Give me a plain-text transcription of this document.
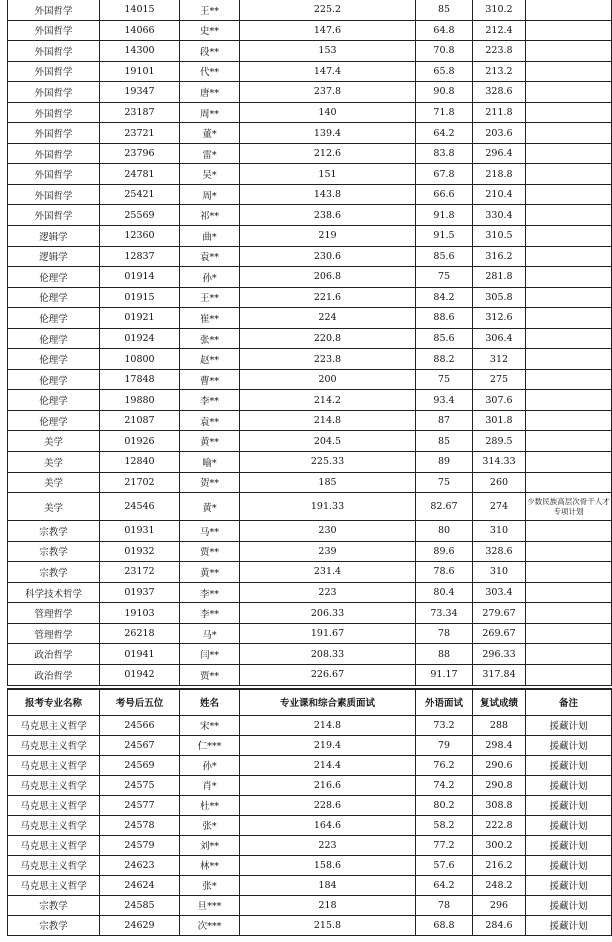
外国哲学	14015	王**	225.2	85	310.2	
外国哲学	14066	史**	147.6	64.8	212.4	
外国哲学	14300	段**	153	70.8	223.8	
外国哲学	19101	代**	147.4	65.8	213.2	
外国哲学	19347	唐**	237.8	90.8	328.6	
外国哲学	23187	周**	140	71.8	211.8	
外国哲学	23721	董*	139.4	64.2	203.6	
外国哲学	23796	雷*	212.6	83.8	296.4	
外国哲学	24781	吴*	151	67.8	218.8	
外国哲学	25421	周*	143.8	66.6	210.4	
外国哲学	25569	祁**	238.6	91.8	330.4	
逻辑学	12360	曲*	219	91.5	310.5	
逻辑学	12837	袁**	230.6	85.6	316.2	
伦理学	01914	孙*	206.8	75	281.8	
伦理学	01915	王**	221.6	84.2	305.8	
伦理学	01921	崔**	224	88.6	312.6	
伦理学	01924	张**	220.8	85.6	306.4	
伦理学	10800	赵**	223.8	88.2	312	
伦理学	17848	曹**	200	75	275	
伦理学	19880	李**	214.2	93.4	307.6	
伦理学	21087	袁**	214.8	87	301.8	
美学	01926	黄**	204.5	85	289.5	
美学	12840	喻*	225.33	89	314.33	
美学	21702	贺**	185	75	260	
美学	24546	黄*	191.33	82.67	274	少数民族高层次骨干人才专项计划
宗教学	01931	马**	230	80	310	
宗教学	01932	贾**	239	89.6	328.6	
宗教学	23172	黄**	231.4	78.6	310	
科学技术哲学	01937	李**	223	80.4	303.4	
管理哲学	19103	李**	206.33	73.34	279.67	
管理哲学	26218	马*	191.67	78	269.67	
政治哲学	01941	闫**	208.33	88	296.33	
政治哲学	01942	贾**	226.67	91.17	317.84	
报考专业名称	考号后五位	姓名	专业课和综合素质面试	外语面试	复试成绩	备注
马克思主义哲学	24566	宋**	214.8	73.2	288	援藏计划
马克思主义哲学	24567	仁***	219.4	79	298.4	援藏计划
马克思主义哲学	24569	孙*	214.4	76.2	290.6	援藏计划
马克思主义哲学	24575	肖*	216.6	74.2	290.8	援藏计划
马克思主义哲学	24577	杜**	228.6	80.2	308.8	援藏计划
马克思主义哲学	24578	张*	164.6	58.2	222.8	援藏计划
马克思主义哲学	24579	刘**	223	77.2	300.2	援藏计划
马克思主义哲学	24623	林**	158.6	57.6	216.2	援藏计划
马克思主义哲学	24624	张*	184	64.2	248.2	援藏计划
宗教学	24585	旦***	218	78	296	援藏计划
宗教学	24629	次***	215.8	68.8	284.6	援藏计划
